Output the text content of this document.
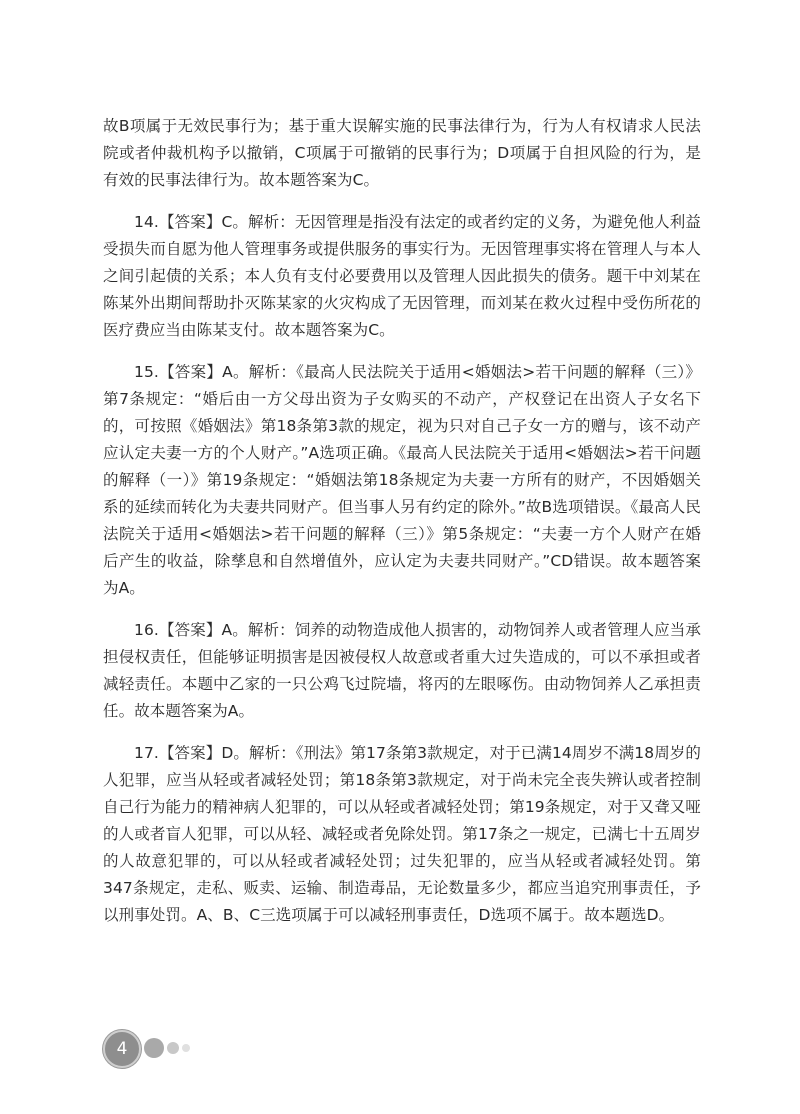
故B项属于无效民事行为；基于重大误解实施的民事法律行为，行为人有权请求人民法院或者仲裁机构予以撤销，C项属于可撤销的民事行为；D项属于自担风险的行为，是有效的民事法律行为。故本题答案为C。

14.【答案】C。解析：无因管理是指没有法定的或者约定的义务，为避免他人利益受损失而自愿为他人管理事务或提供服务的事实行为。无因管理事实将在管理人与本人之间引起债的关系；本人负有支付必要费用以及管理人因此损失的债务。题干中刘某在陈某外出期间帮助扑灭陈某家的火灾构成了无因管理，而刘某在救火过程中受伤所花的医疗费应当由陈某支付。故本题答案为C。

15.【答案】A。解析：《最高人民法院关于适用<婚姻法>若干问题的解释（三）》第7条规定：“婚后由一方父母出资为子女购买的不动产，产权登记在出资人子女名下的，可按照《婚姻法》第18条第3款的规定，视为只对自己子女一方的赠与，该不动产应认定夫妻一方的个人财产。”A选项正确。《最高人民法院关于适用<婚姻法>若干问题的解释（一）》第19条规定：“婚姻法第18条规定为夫妻一方所有的财产，不因婚姻关系的延续而转化为夫妻共同财产。但当事人另有约定的除外。”故B选项错误。《最高人民法院关于适用<婚姻法>若干问题的解释（三）》第5条规定：“夫妻一方个人财产在婚后产生的收益，除孳息和自然增值外，应认定为夫妻共同财产。”CD错误。故本题答案为A。

16.【答案】A。解析：饲养的动物造成他人损害的，动物饲养人或者管理人应当承担侵权责任，但能够证明损害是因被侵权人故意或者重大过失造成的，可以不承担或者减轻责任。本题中乙家的一只公鸡飞过院墙，将丙的左眼啄伤。由动物饲养人乙承担责任。故本题答案为A。

17.【答案】D。解析：《刑法》第17条第3款规定，对于已满14周岁不满18周岁的人犯罪，应当从轻或者减轻处罚；第18条第3款规定，对于尚未完全丧失辨认或者控制自己行为能力的精神病人犯罪的，可以从轻或者减轻处罚；第19条规定，对于又聋又哑的人或者盲人犯罪，可以从轻、减轻或者免除处罚。第17条之一规定，已满七十五周岁的人故意犯罪的，可以从轻或者减轻处罚；过失犯罪的，应当从轻或者减轻处罚。第347条规定，走私、贩卖、运输、制造毒品，无论数量多少，都应当追究刑事责任，予以刑事处罚。A、B、C三选项属于可以减轻刑事责任，D选项不属于。故本题选D。

4
